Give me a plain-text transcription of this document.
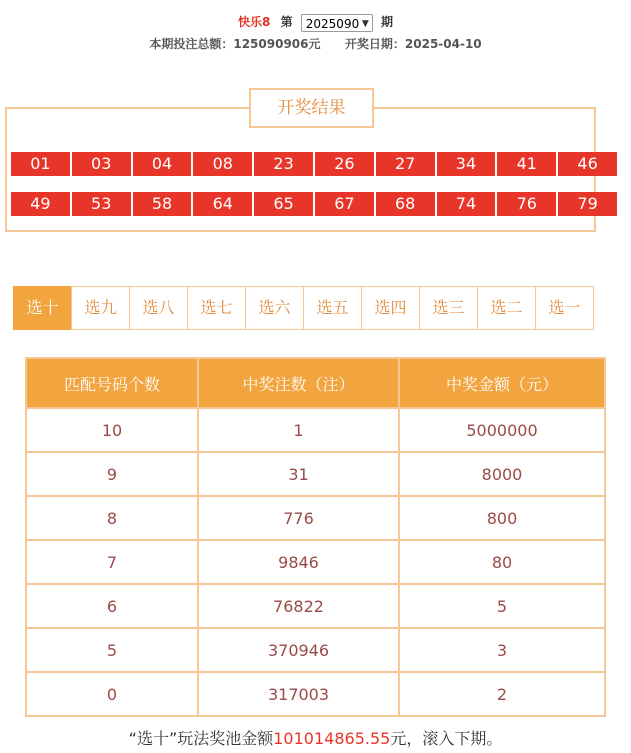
快乐8 第 2025090 ▼ 期
本期投注总额：125090906元 开奖日期：2025-04-10
开奖结果
01	03	04	08	23	26	27	34	41	46
49	53	58	64	65	67	68	74	76	79
选十	选九	选八	选七	选六	选五	选四	选三	选二	选一
匹配号码个数	中奖注数（注）	中奖金额（元）
10	1	5000000
9	31	8000
8	776	800
7	9846	80
6	76822	5
5	370946	3
0	317003	2
“选十”玩法奖池金额101014865.55元，滚入下期。
